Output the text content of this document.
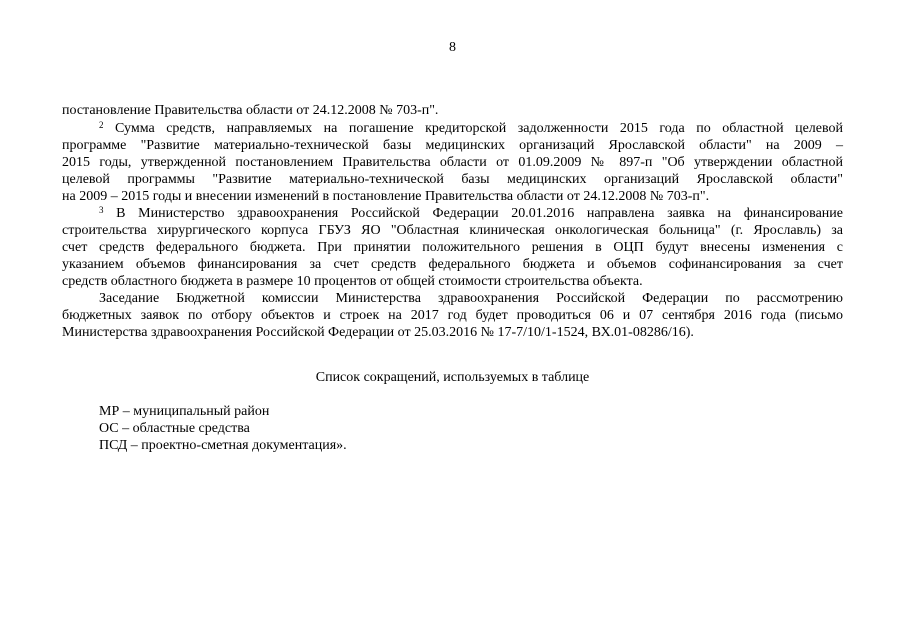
8
постановление Правительства области от 24.12.2008 № 703-п".
$^2$ Сумма средств, направляемых на погашение кредиторской задолженности 2015 года по областной целевой
программе "Развитие материально-технической базы медицинских организаций Ярославской области" на 2009 –
2015 годы, утвержденной постановлением Правительства области от 01.09.2009 № 897-п "Об утверждении областной
целевой программы "Развитие материально-технической базы медицинских организаций Ярославской области"
на 2009 – 2015 годы и внесении изменений в постановление Правительства области от 24.12.2008 № 703-п".
$^3$ В Министерство здравоохранения Российской Федерации 20.01.2016 направлена заявка на финансирование
строительства хирургического корпуса ГБУЗ ЯО "Областная клиническая онкологическая больница" (г. Ярославль) за
счет средств федерального бюджета. При принятии положительного решения в ОЦП будут внесены изменения с
указанием объемов финансирования за счет средств федерального бюджета и объемов софинансирования за счет
средств областного бюджета в размере 10 процентов от общей стоимости строительства объекта.
Заседание Бюджетной комиссии Министерства здравоохранения Российской Федерации по рассмотрению
бюджетных заявок по отбору объектов и строек на 2017 год будет проводиться 06 и 07 сентября 2016 года (письмо
Министерства здравоохранения Российской Федерации от 25.03.2016 № 17-7/10/1-1524, ВХ.01-08286/16).
Список сокращений, используемых в таблице
МР – муниципальный район
ОС – областные средства
ПСД – проектно-сметная документация».
